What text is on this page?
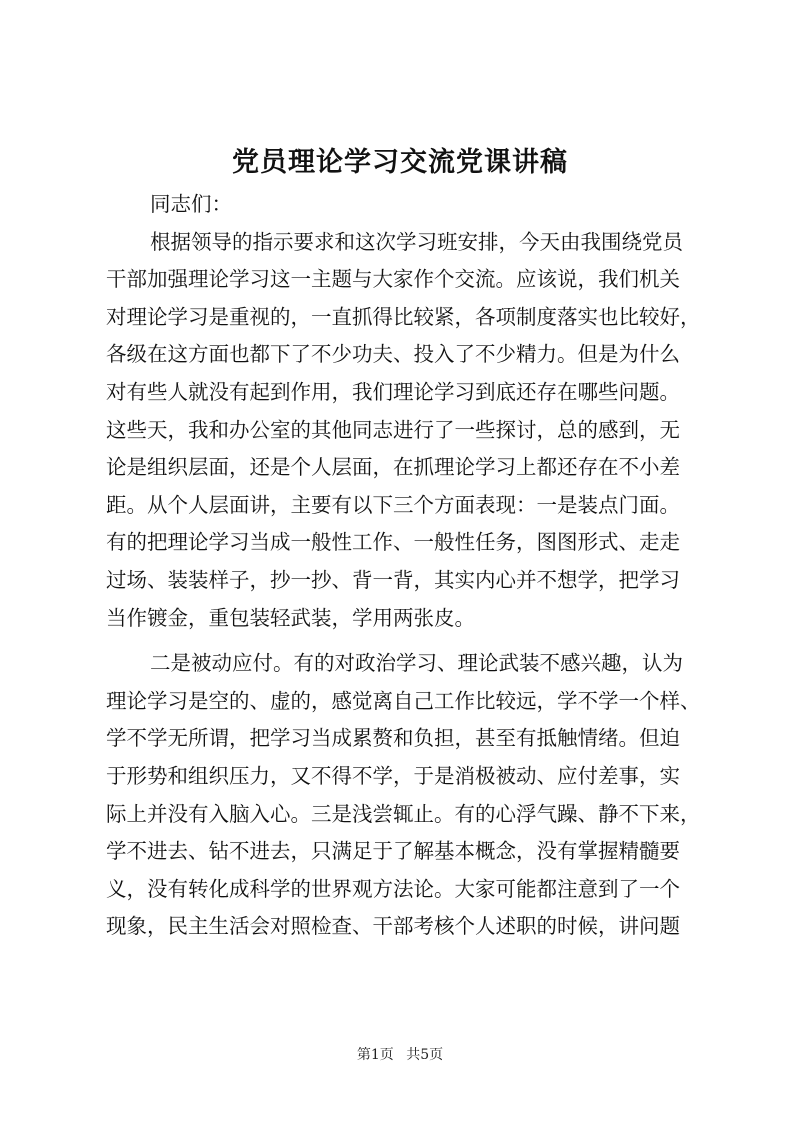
党员理论学习交流党课讲稿
同志们：
根据领导的指示要求和这次学习班安排，今天由我围绕党员
干部加强理论学习这一主题与大家作个交流。应该说，我们机关
对理论学习是重视的，一直抓得比较紧，各项制度落实也比较好，
各级在这方面也都下了不少功夫、投入了不少精力。但是为什么
对有些人就没有起到作用，我们理论学习到底还存在哪些问题。
这些天，我和办公室的其他同志进行了一些探讨，总的感到，无
论是组织层面，还是个人层面，在抓理论学习上都还存在不小差
距。从个人层面讲，主要有以下三个方面表现：一是装点门面。
有的把理论学习当成一般性工作、一般性任务，图图形式、走走
过场、装装样子，抄一抄、背一背，其实内心并不想学，把学习
当作镀金，重包装轻武装，学用两张皮。
二是被动应付。有的对政治学习、理论武装不感兴趣，认为
理论学习是空的、虚的，感觉离自己工作比较远，学不学一个样、
学不学无所谓，把学习当成累赘和负担，甚至有抵触情绪。但迫
于形势和组织压力，又不得不学，于是消极被动、应付差事，实
际上并没有入脑入心。三是浅尝辄止。有的心浮气躁、静不下来，
学不进去、钻不进去，只满足于了解基本概念，没有掌握精髓要
义，没有转化成科学的世界观方法论。大家可能都注意到了一个
现象，民主生活会对照检查、干部考核个人述职的时候，讲问题
第1页 共5页
